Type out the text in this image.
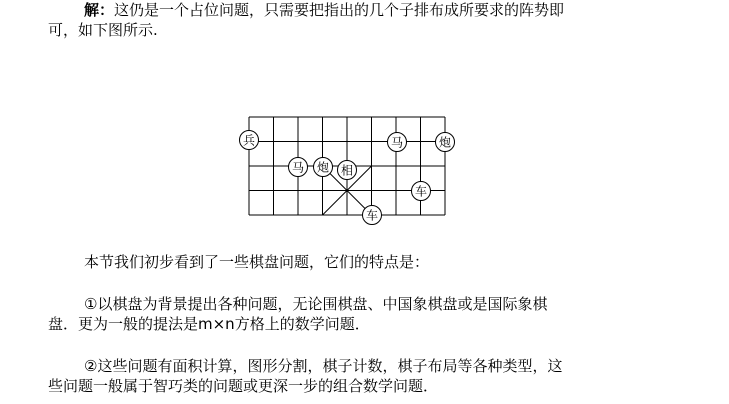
解：这仍是一个占位问题，只需要把指出的几个子排布成所要求的阵势即
可，如下图所示.
兵
马 炮
马	炮
相
车
车
本节我们初步看到了一些棋盘问题，它们的特点是：
①以棋盘为背景提出各种问题，无论围棋盘、中国象棋盘或是国际象棋
盘．更为一般的提法是m×n方格上的数学问题．
②这些问题有面积计算，图形分割，棋子计数，棋子布局等各种类型，这
些问题一般属于智巧类的问题或更深一步的组合数学问题．
